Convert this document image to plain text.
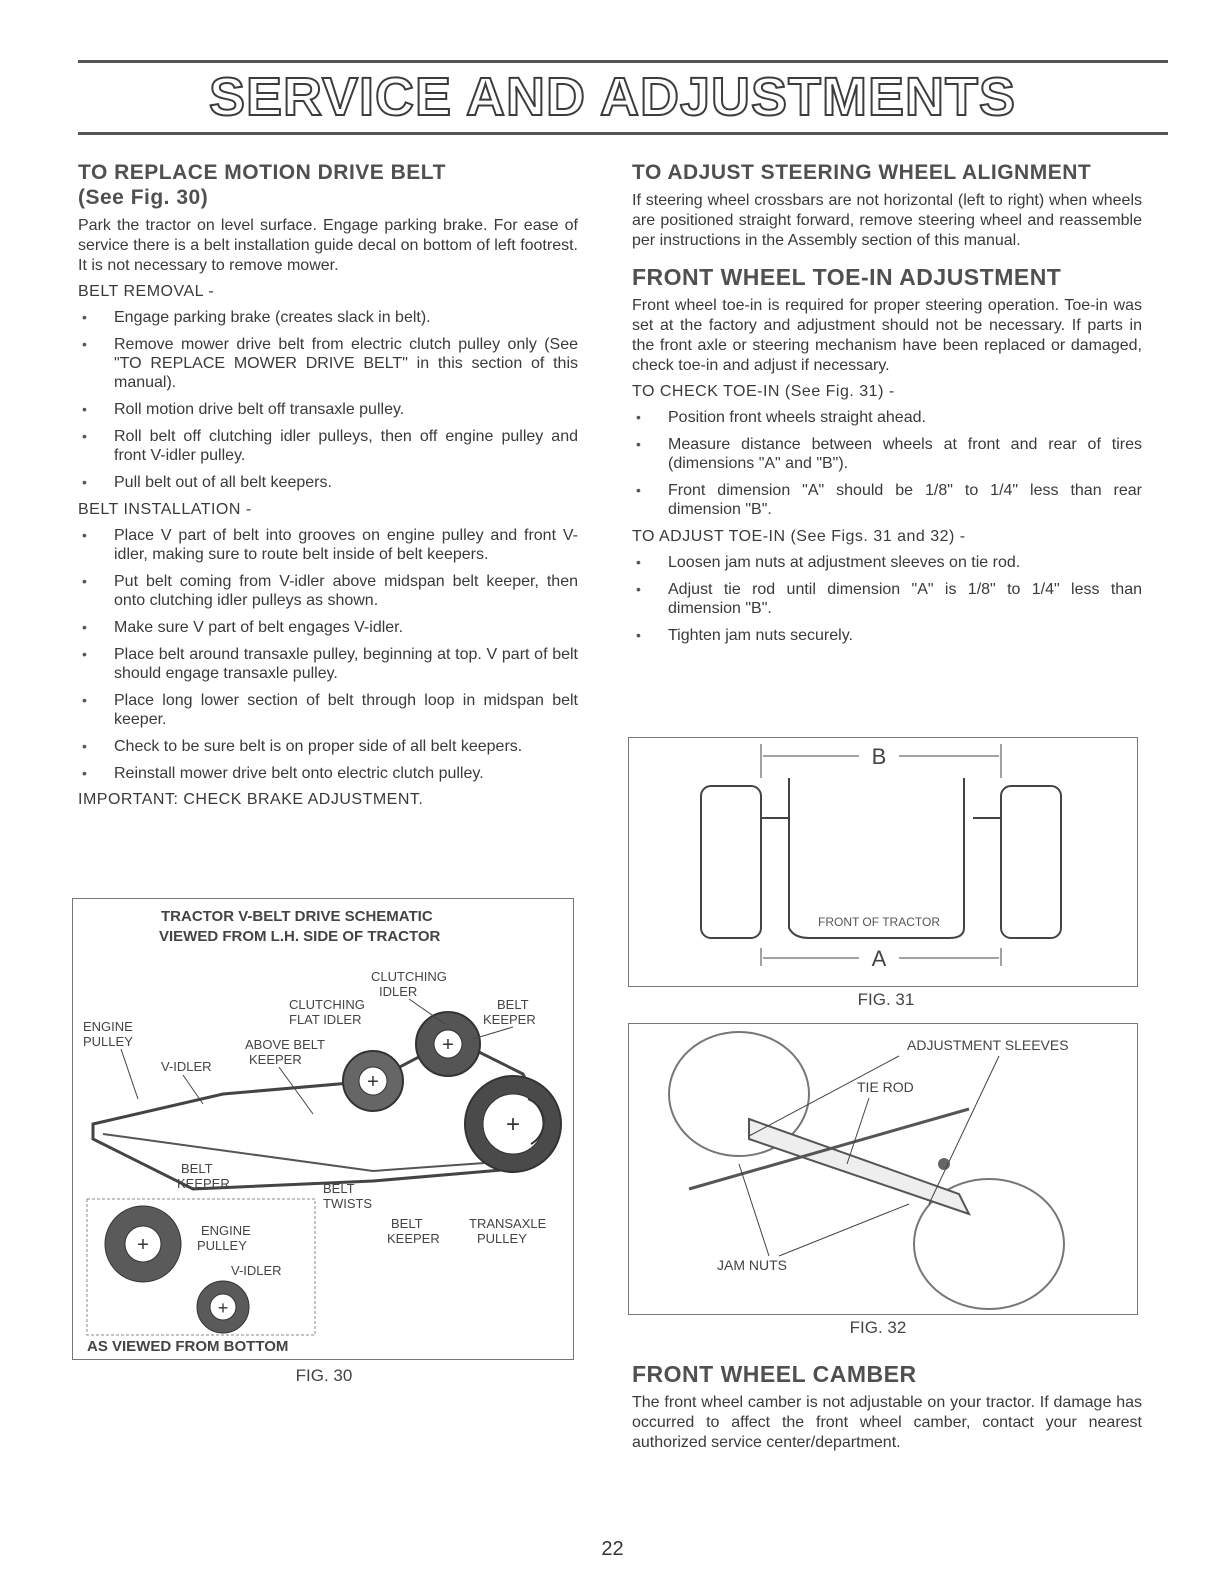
SERVICE AND ADJUSTMENTS
TO REPLACE MOTION DRIVE BELT
(See Fig. 30)

Park the tractor on level surface. Engage parking brake. For ease of service there is a belt installation guide decal on bottom of left footrest. It is not necessary to remove mower.

BELT REMOVAL -
• Engage parking brake (creates slack in belt).
• Remove mower drive belt from electric clutch pulley only (See "TO REPLACE MOWER DRIVE BELT" in this section of this manual).
• Roll motion drive belt off transaxle pulley.
• Roll belt off clutching idler pulleys, then off engine pulley and front V-idler pulley.
• Pull belt out of all belt keepers.
BELT INSTALLATION -
• Place V part of belt into grooves on engine pulley and front V-idler, making sure to route belt inside of belt keepers.
• Put belt coming from V-idler above midspan belt keeper, then onto clutching idler pulleys as shown.
• Make sure V part of belt engages V-idler.
• Place belt around transaxle pulley, beginning at top. V part of belt should engage transaxle pulley.
• Place long lower section of belt through loop in midspan belt keeper.
• Check to be sure belt is on proper side of all belt keepers.
• Reinstall mower drive belt onto electric clutch pulley.
IMPORTANT: CHECK BRAKE ADJUSTMENT.
TRACTOR V-BELT DRIVE SCHEMATIC
VIEWED FROM L.H. SIDE OF TRACTOR
CLUTCHING
IDLER
CLUTCHING
FLAT IDLER
BELT
KEEPER
ENGINE
PULLEY	ABOVE BELT
KEEPER
V-IDLER
+
+
+
BELT
KEEPER	BELT
TWISTS
BELT
KEEPER
TRANSAXLE
PULLEY
+
+
ENGINE
PULLEY
V-IDLER
AS VIEWED FROM BOTTOM
FIG. 30
TO ADJUST STEERING WHEEL ALIGNMENT

If steering wheel crossbars are not horizontal (left to right) when wheels are positioned straight forward, remove steering wheel and reassemble per instructions in the Assembly section of this manual.

FRONT WHEEL TOE-IN ADJUSTMENT

Front wheel toe-in is required for proper steering operation. Toe-in was set at the factory and adjustment should not be necessary. If parts in the front axle or steering mechanism have been replaced or damaged, check toe-in and adjust if necessary.

TO CHECK TOE-IN (See Fig. 31) -
• Position front wheels straight ahead.
• Measure distance between wheels at front and rear of tires (dimensions "A" and "B").
• Front dimension "A" should be 1/8" to 1/4" less than rear dimension "B".
TO ADJUST TOE-IN (See Figs. 31 and 32) -
• Loosen jam nuts at adjustment sleeves on tie rod.
• Adjust tie rod until dimension "A" is 1/8" to 1/4" less than dimension "B".
• Tighten jam nuts securely.
B
FRONT OF TRACTOR
A
FIG. 31
ADJUSTMENT SLEEVES
TIE ROD
JAM NUTS
FIG. 32
FRONT WHEEL CAMBER

The front wheel camber is not adjustable on your tractor. If damage has occurred to affect the front wheel camber, contact your nearest authorized service center/department.

22
